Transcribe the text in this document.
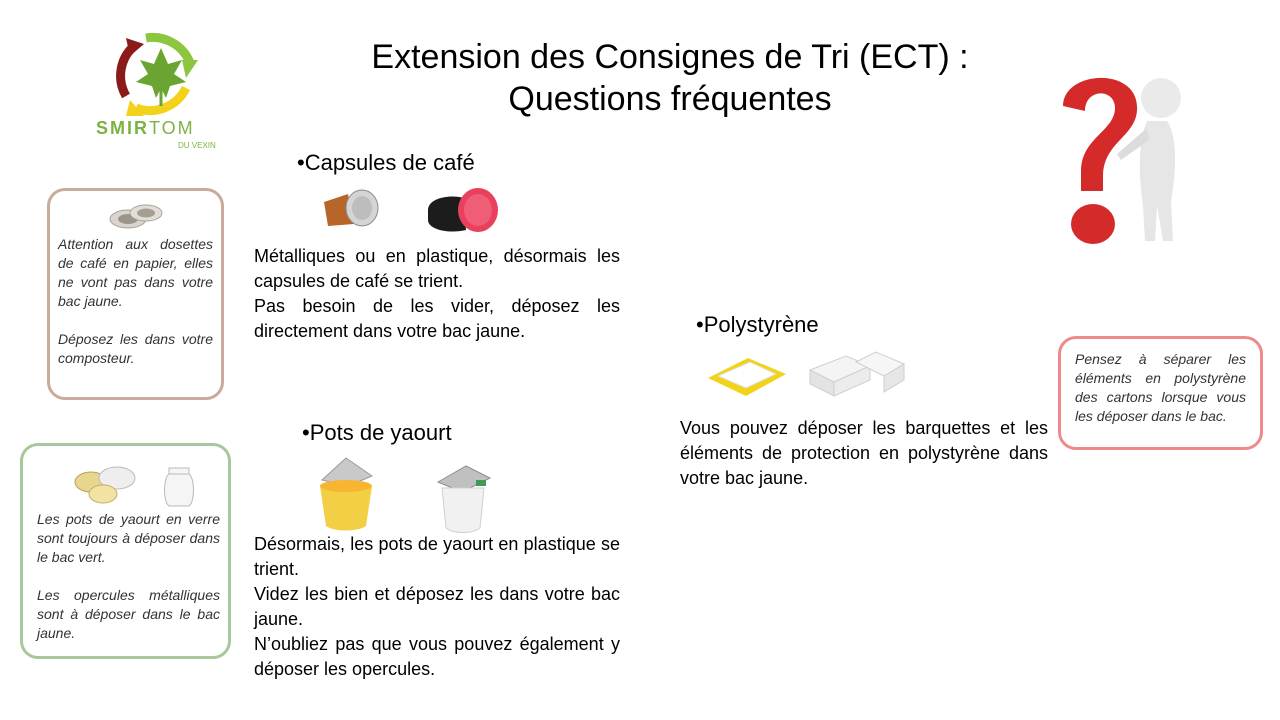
SMIRTOM
DU VEXIN
Extension des Consignes de Tri (ECT) :
Questions fréquentes

Attention aux dosettes de café en papier, elles ne vont pas dans votre bac jaune.

Déposez les dans votre composteur.

Les pots de yaourt en verre sont toujours à déposer dans le bac vert.

Les opercules métalliques sont à déposer dans le bac jaune.

• Capsules de café

Métalliques ou en plastique, désormais les capsules de café se trient.

Pas besoin de les vider, déposez les directement dans votre bac jaune.

• Pots de yaourt

Désormais, les pots de yaourt en plastique se trient.

Videz les bien et déposez les dans votre bac jaune.

N’oubliez pas que vous pouvez également y déposer les opercules.

• Polystyrène

Vous pouvez déposer les barquettes et les éléments de protection en polystyrène dans votre bac jaune.

Pensez à séparer les éléments en polystyrène des cartons lorsque vous les déposer dans le bac.
